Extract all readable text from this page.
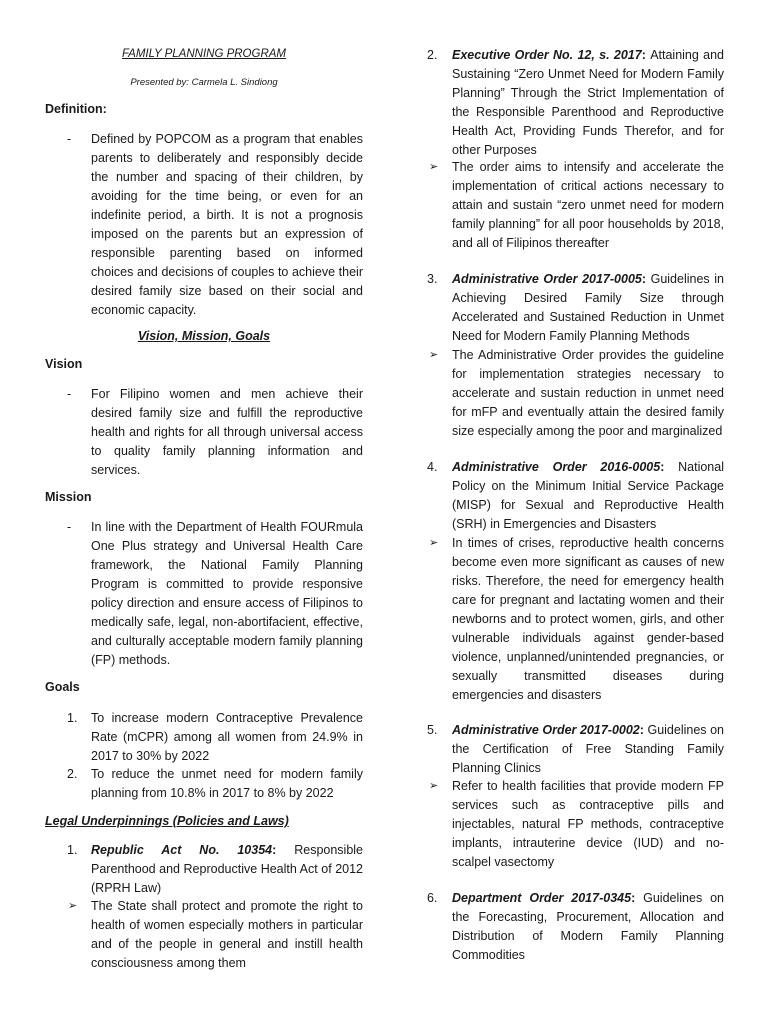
FAMILY PLANNING PROGRAM

Presented by: Carmela L. Sindiong

Definition:

- Defined by POPCOM as a program that enables parents to deliberately and responsibly decide the number and spacing of their children, by avoiding for the time being, or even for an indefinite period, a birth. It is not a prognosis imposed on the parents but an expression of responsible parenting based on informed choices and decisions of couples to achieve their desired family size based on their social and economic capacity.

Vision, Mission, Goals

Vision

- For Filipino women and men achieve their desired family size and fulfill the reproductive health and rights for all through universal access to quality family planning information and services.

Mission

- In line with the Department of Health FOURmula One Plus strategy and Universal Health Care framework, the National Family Planning Program is committed to provide responsive policy direction and ensure access of Filipinos to medically safe, legal, non-abortifacient, effective, and culturally acceptable modern family planning (FP) methods.

Goals

1. To increase modern Contraceptive Prevalence Rate (mCPR) among all women from 24.9% in 2017 to 30% by 2022

2. To reduce the unmet need for modern family planning from 10.8% in 2017 to 8% by 2022

Legal Underpinnings (Policies and Laws)

1. Republic Act No. 10354: Responsible Parenthood and Reproductive Health Act of 2012 (RPRH Law)

➢ The State shall protect and promote the right to health of women especially mothers in particular and of the people in general and instill health consciousness among them

2. Executive Order No. 12, s. 2017: Attaining and Sustaining “Zero Unmet Need for Modern Family Planning” Through the Strict Implementation of the Responsible Parenthood and Reproductive Health Act, Providing Funds Therefor, and for other Purposes

➢ The order aims to intensify and accelerate the implementation of critical actions necessary to attain and sustain “zero unmet need for modern family planning” for all poor households by 2018, and all of Filipinos thereafter

3. Administrative Order 2017-0005: Guidelines in Achieving Desired Family Size through Accelerated and Sustained Reduction in Unmet Need for Modern Family Planning Methods

➢ The Administrative Order provides the guideline for implementation strategies necessary to accelerate and sustain reduction in unmet need for mFP and eventually attain the desired family size especially among the poor and marginalized

4. Administrative Order 2016-0005: National Policy on the Minimum Initial Service Package (MISP) for Sexual and Reproductive Health (SRH) in Emergencies and Disasters

➢ In times of crises, reproductive health concerns become even more significant as causes of new risks. Therefore, the need for emergency health care for pregnant and lactating women and their newborns and to protect women, girls, and other vulnerable individuals against gender-based violence, unplanned/unintended pregnancies, or sexually transmitted diseases during emergencies and disasters

5. Administrative Order 2017-0002: Guidelines on the Certification of Free Standing Family Planning Clinics

➢ Refer to health facilities that provide modern FP services such as contraceptive pills and injectables, natural FP methods, contraceptive implants, intrauterine device (IUD) and no-scalpel vasectomy

6. Department Order 2017-0345: Guidelines on the Forecasting, Procurement, Allocation and Distribution of Modern Family Planning Commodities
